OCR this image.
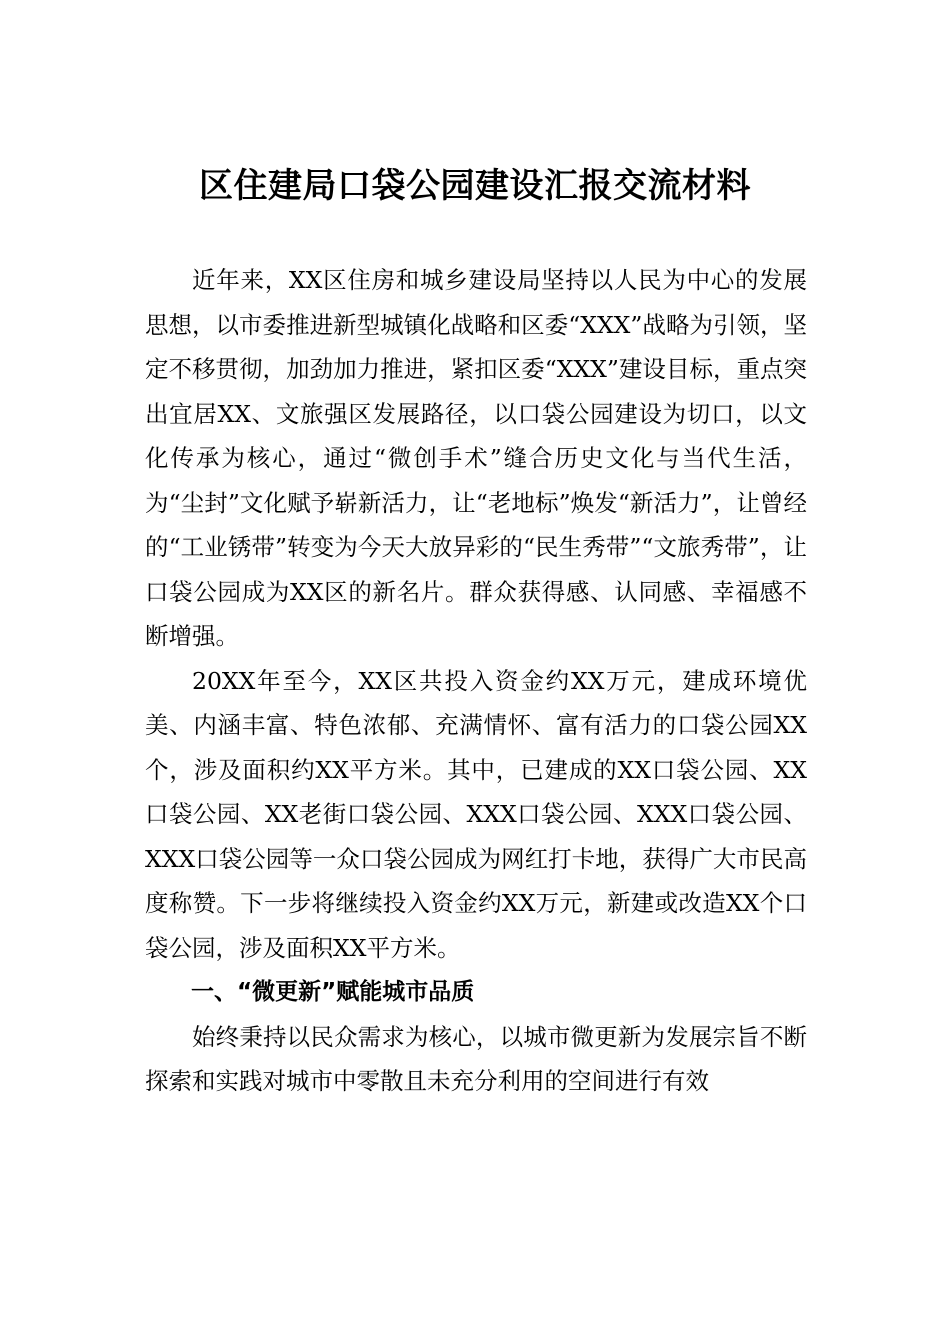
区住建局口袋公园建设汇报交流材料

近年来，XX区住房和城乡建设局坚持以人民为中心的发展思想，以市委推进新型城镇化战略和区委“XXX”战略为引领，坚定不移贯彻，加劲加力推进，紧扣区委“XXX”建设目标，重点突出宜居XX、文旅强区发展路径，以口袋公园建设为切口，以文化传承为核心，通过“微创手术”缝合历史文化与当代生活，为“尘封”文化赋予崭新活力，让“老地标”焕发“新活力”，让曾经的“工业锈带”转变为今天大放异彩的“民生秀带”“文旅秀带”，让口袋公园成为XX区的新名片。群众获得感、认同感、幸福感不断增强。

20XX年至今，XX区共投入资金约XX万元，建成环境优美、内涵丰富、特色浓郁、充满情怀、富有活力的口袋公园XX个，涉及面积约XX平方米。其中，已建成的XX口袋公园、XX口袋公园、XX老街口袋公园、XXX口袋公园、XXX口袋公园、XXX口袋公园等一众口袋公园成为网红打卡地，获得广大市民高度称赞。下一步将继续投入资金约XX万元，新建或改造XX个口袋公园，涉及面积XX平方米。

一、“微更新”赋能城市品质

始终秉持以民众需求为核心，以城市微更新为发展宗旨不断探索和实践对城市中零散且未充分利用的空间进行有效
